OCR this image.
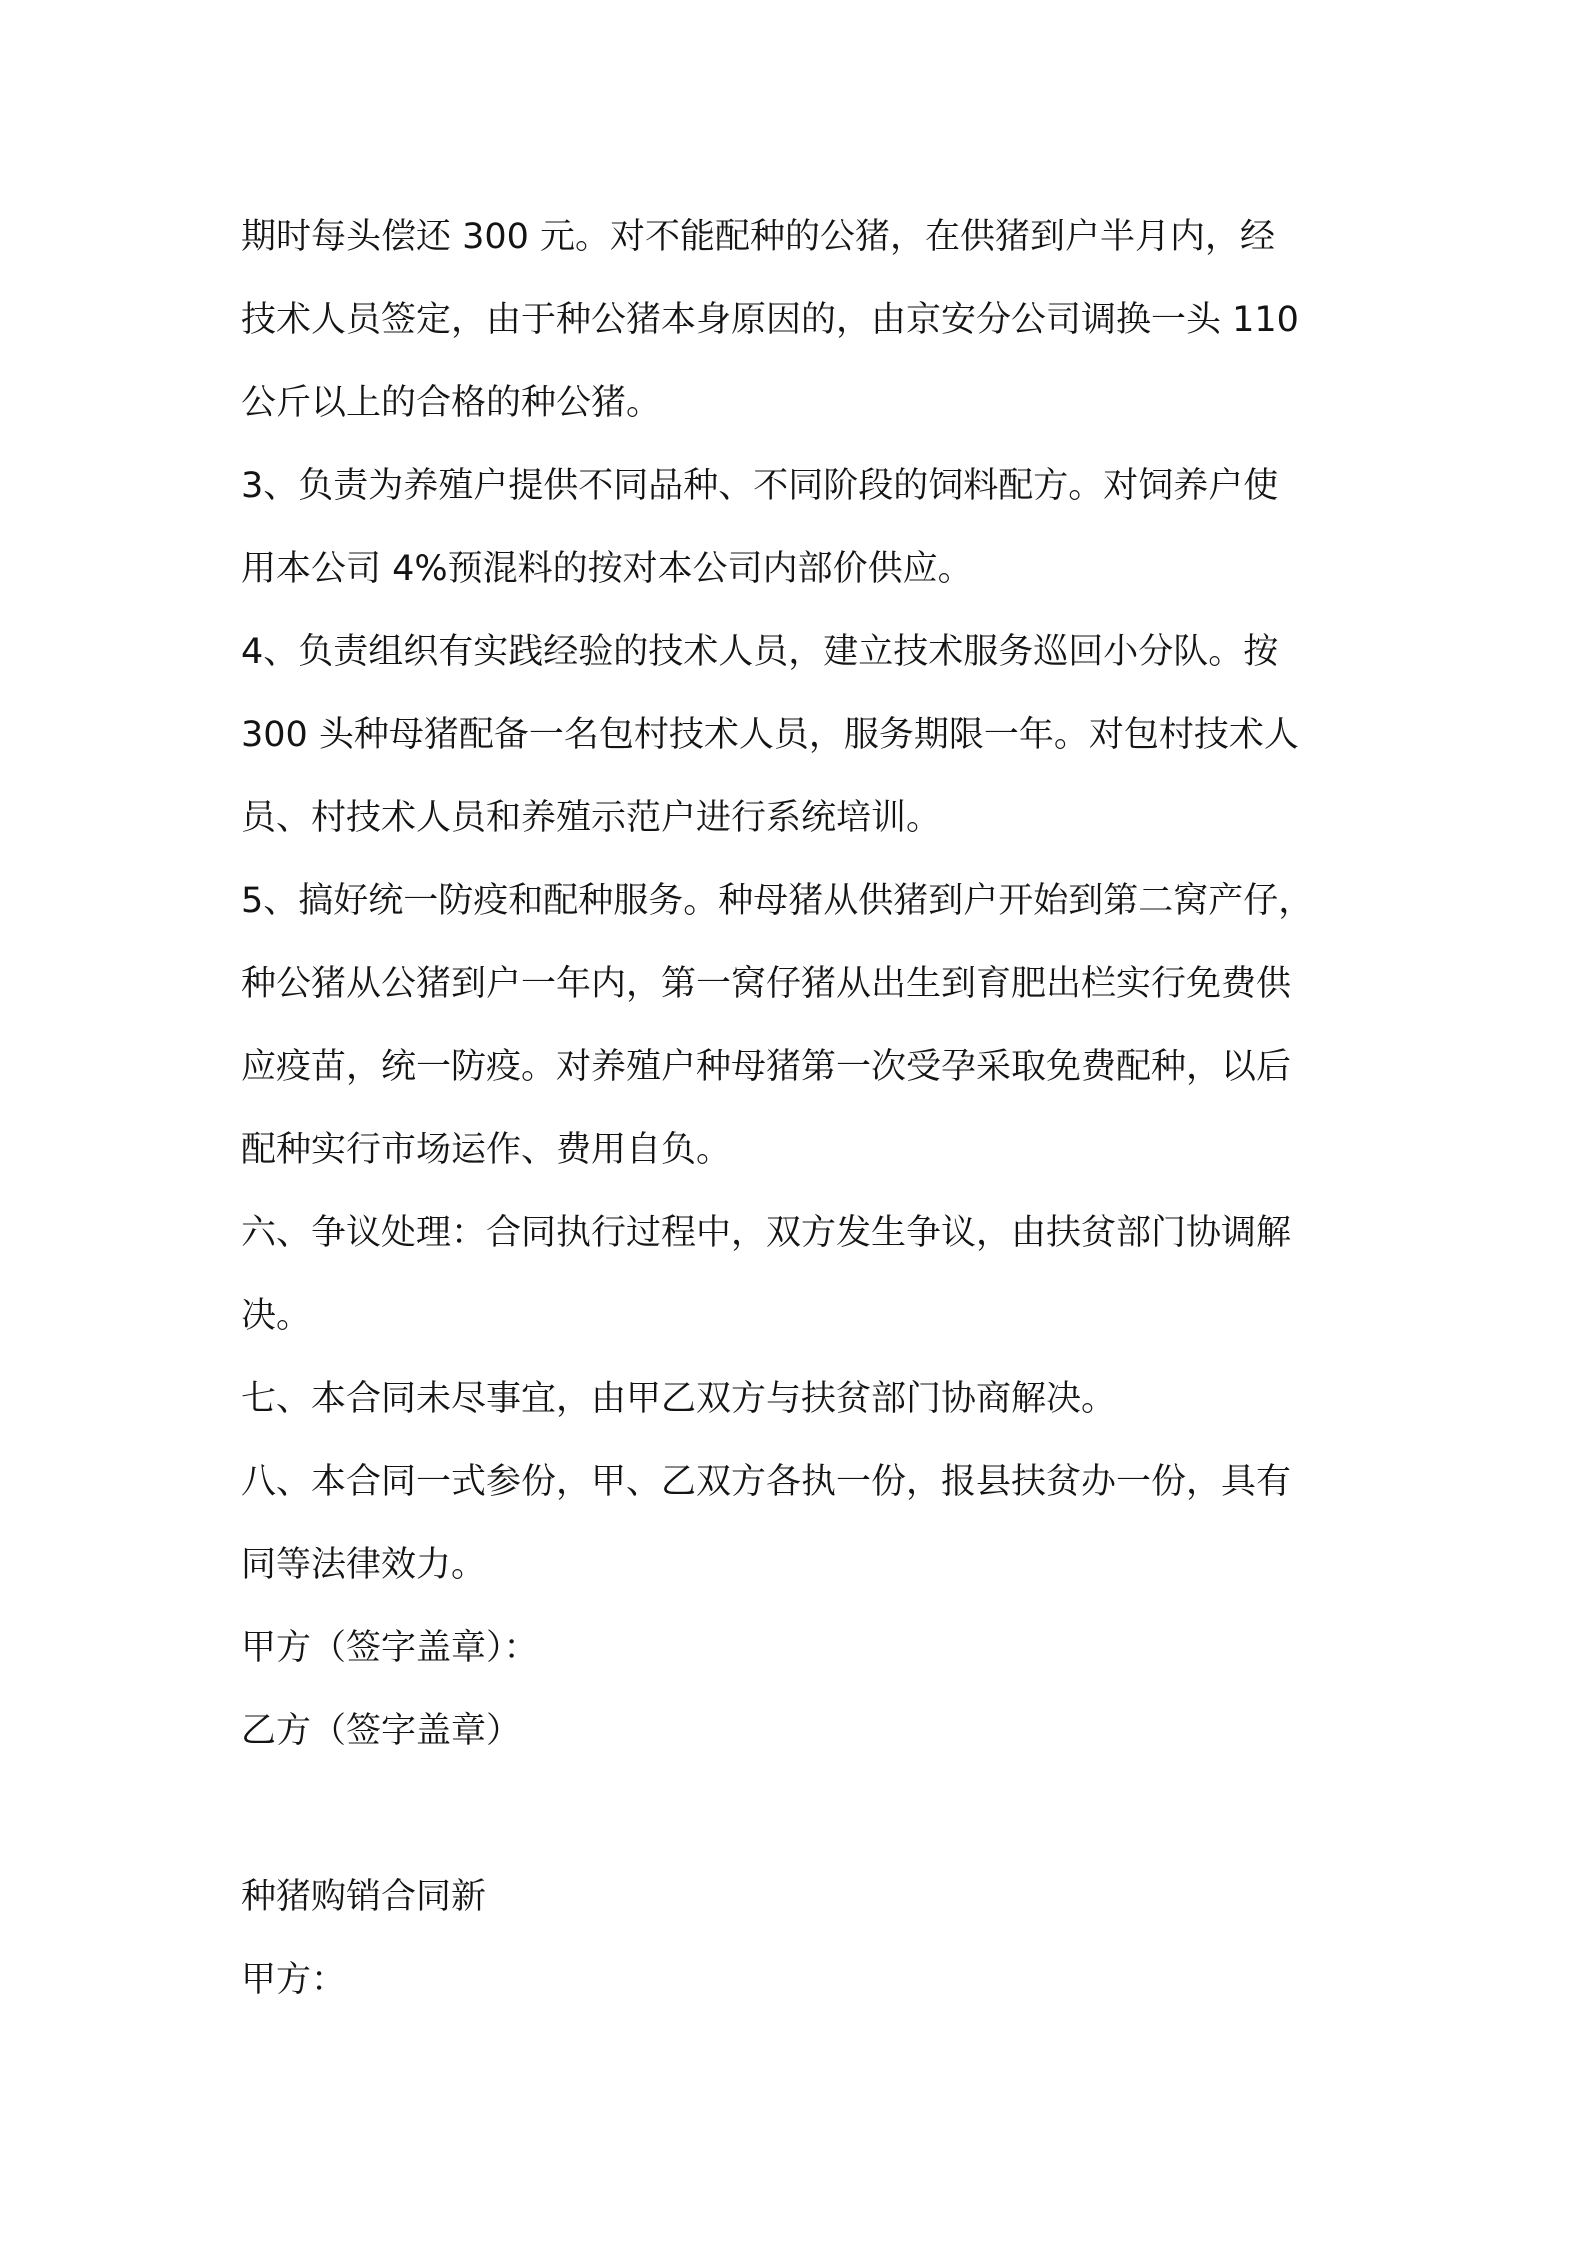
期时每头偿还 300 元。对不能配种的公猪，在供猪到户半月内，经
技术人员签定，由于种公猪本身原因的，由京安分公司调换一头 110
公斤以上的合格的种公猪。
3、负责为养殖户提供不同品种、不同阶段的饲料配方。对饲养户使
用本公司 4%预混料的按对本公司内部价供应。
4、负责组织有实践经验的技术人员，建立技术服务巡回小分队。按
300 头种母猪配备一名包村技术人员，服务期限一年。对包村技术人
员、村技术人员和养殖示范户进行系统培训。
5、搞好统一防疫和配种服务。种母猪从供猪到户开始到第二窝产仔，
种公猪从公猪到户一年内，第一窝仔猪从出生到育肥出栏实行免费供
应疫苗，统一防疫。对养殖户种母猪第一次受孕采取免费配种，以后
配种实行市场运作、费用自负。
六、争议处理：合同执行过程中，双方发生争议，由扶贫部门协调解
决。
七、本合同未尽事宜，由甲乙双方与扶贫部门协商解决。
八、本合同一式参份，甲、乙双方各执一份，报县扶贫办一份，具有
同等法律效力。
甲方（签字盖章）：
乙方（签字盖章）
种猪购销合同新
甲方：
